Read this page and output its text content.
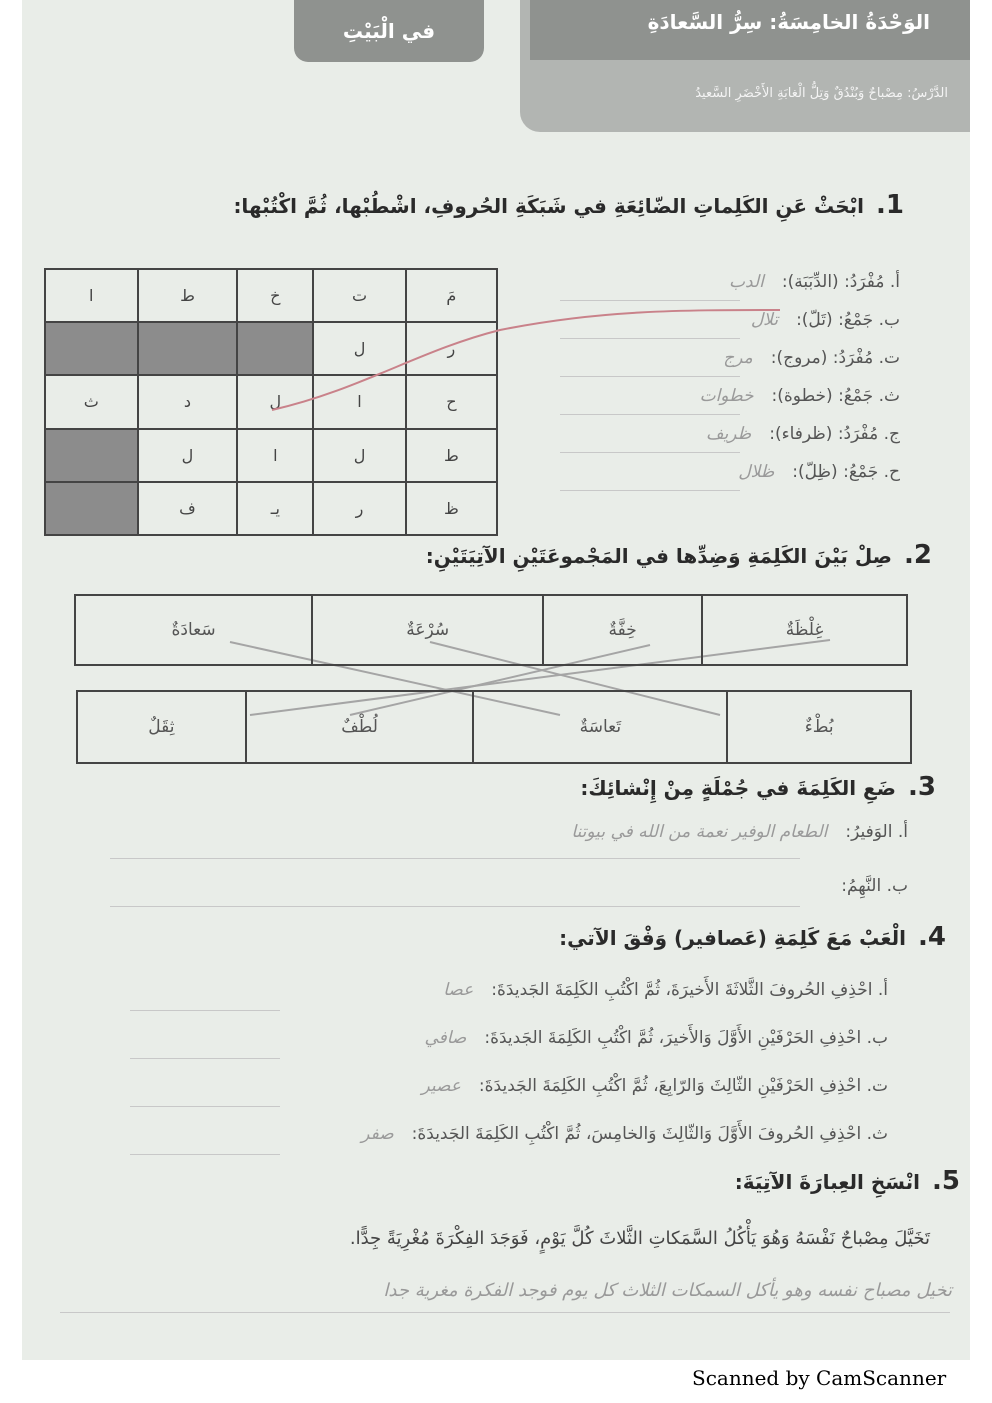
الوَحْدَةُ الخامِسَةُ: سِرُّ السَّعادَةِ
الدَّرْسُ: مِصْباحٌ وَبُنْدُقٌ وَتِلُّ الْغابَةِ الأَخْضَرِ السَّعيدُ
في الْبَيْتِ
1.ابْحَثْ عَنِ الكَلِماتِ الضّائِعَةِ في شَبَكَةِ الحُروفِ، اشْطُبْها، ثُمَّ اكْتُبْها:
ا	ط	خ	ت	مَ
			ل	ر
ث	د	ل	ا	ح
	ل	ا	ل	ط
	ف	يـ	ر	ظ
أ. مُفْرَدُ: (الدِّبَبَة):الدب
ب. جَمْعُ: (تَلّ):تلال
ت. مُفْرَدُ: (مروج):مرج
ث. جَمْعُ: (خطوة):خطوات
ج. مُفْرَدُ: (ظرفاء):ظريف
ح. جَمْعُ: (ظِلّ):ظلال
2.صِلْ بَيْنَ الكَلِمَةِ وَضِدِّها في المَجْموعَتَيْنِ الآتِيَتَيْنِ:
غِلْظَةٌ	خِفَّةٌ	سُرْعَةٌ	سَعادَةٌ
بُطْءٌ	تَعاسَةٌ	لُطْفٌ	ثِقَلٌ
3.ضَعِ الكَلِمَةَ في جُمْلَةٍ مِنْ إِنْشائِكَ:
أ. الوَفيرُ:الطعام الوفير نعمة من الله في بيوتنا
ب. النَّهِمُ:
4.الْعَبْ مَعَ كَلِمَةِ (عَصافير) وَفْقَ الآتي:
أ. احْذِفِ الحُروفَ الثَّلاثَةَ الأَخيرَةَ، ثُمَّ اكْتُبِ الكَلِمَةَ الجَديدَةَ:عصا
ب. احْذِفِ الحَرْفَيْنِ الأَوَّلَ وَالأَخيرَ، ثُمَّ اكْتُبِ الكَلِمَةَ الجَديدَةَ:صافي
ت. احْذِفِ الحَرْفَيْنِ الثّالِثَ وَالرّابِعَ، ثُمَّ اكْتُبِ الكَلِمَةَ الجَديدَةَ:عصير
ث. احْذِفِ الحُروفَ الأَوَّلَ وَالثّالِثَ وَالخامِسَ، ثُمَّ اكْتُبِ الكَلِمَةَ الجَديدَةَ:صفر
5.انْسَخِ العِبارَةَ الآتِيَةَ:
تَخَيَّلَ مِصْباحٌ نَفْسَهُ وَهُوَ يَأْكُلُ السَّمَكاتِ الثَّلاثَ كُلَّ يَوْمٍ، فَوَجَدَ الفِكْرَةَ مُغْرِيَةً جِدًّا.
تخيل مصباح نفسه وهو يأكل السمكات الثلاث كل يوم فوجد الفكرة مغرية جدا
Scanned by CamScanner
